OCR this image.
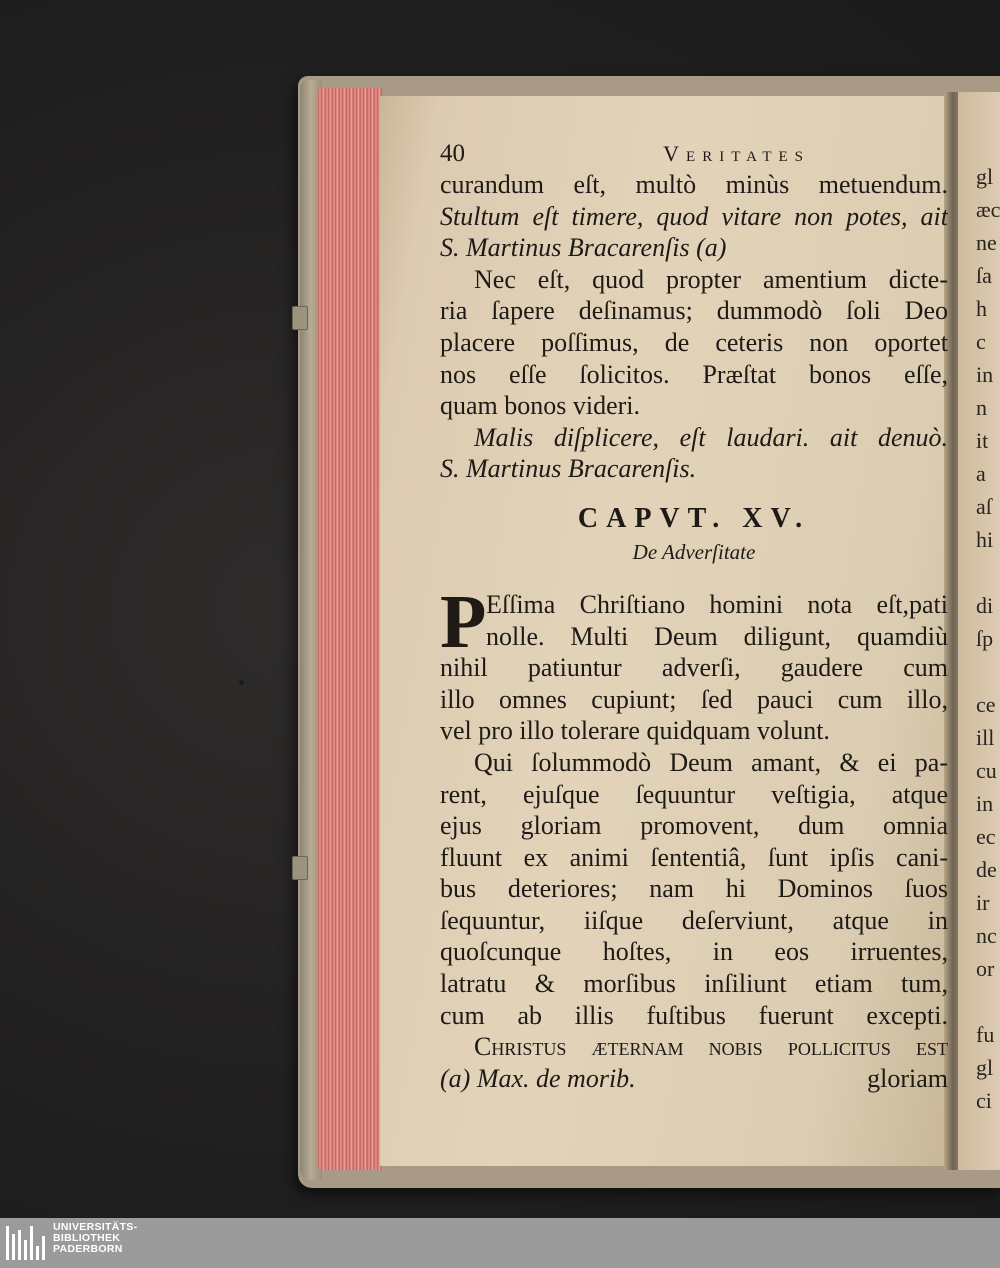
40	Veritates
curandum eſt, multò minùs metuendum.
Stultum eſt timere, quod vitare non potes, ait
S. Martinus Bracarenſis (a)
Nec eſt, quod propter amentium dicte-
ria ſapere deſinamus; dummodò ſoli Deo
placere poſſimus, de ceteris non oportet
nos eſſe ſolicitos. Præſtat bonos eſſe,
quam bonos videri.
Malis diſplicere, eſt laudari. ait denuò.
S. Martinus Bracarenſis.
CAPVT. XV.
De Adverſitate
P Eſſima Chriſtiano homini nota eſt,pati
nolle. Multi Deum diligunt, quamdiù
nihil patiuntur adverſi, gaudere cum
illo omnes cupiunt; ſed pauci cum illo,
vel pro illo tolerare quidquam volunt.
Qui ſolummodò Deum amant, & ei pa-
rent, ejuſque ſequuntur veſtigia, atque
ejus gloriam promovent, dum omnia
fluunt ex animi ſententiâ, ſunt ipſis cani-
bus deteriores; nam hi Dominos ſuos
ſequuntur, iiſque deſerviunt, atque in
quoſcunque hoſtes, in eos irruentes,
latratu & morſibus inſiliunt etiam tum,
cum ab illis fuſtibus fuerunt excepti.
Christus æternam nobis pollicitus eſt
(a) Max. de morib.	gloriam
gl
æc
ne
ſa
h
c
in
n
it
a
aſ
hi
di
ſp
ce
ill
cu
in
ec
de
ir
nc
or
fu
gl
ci
UNIVERSITÄTS-
BIBLIOTHEK
PADERBORN
